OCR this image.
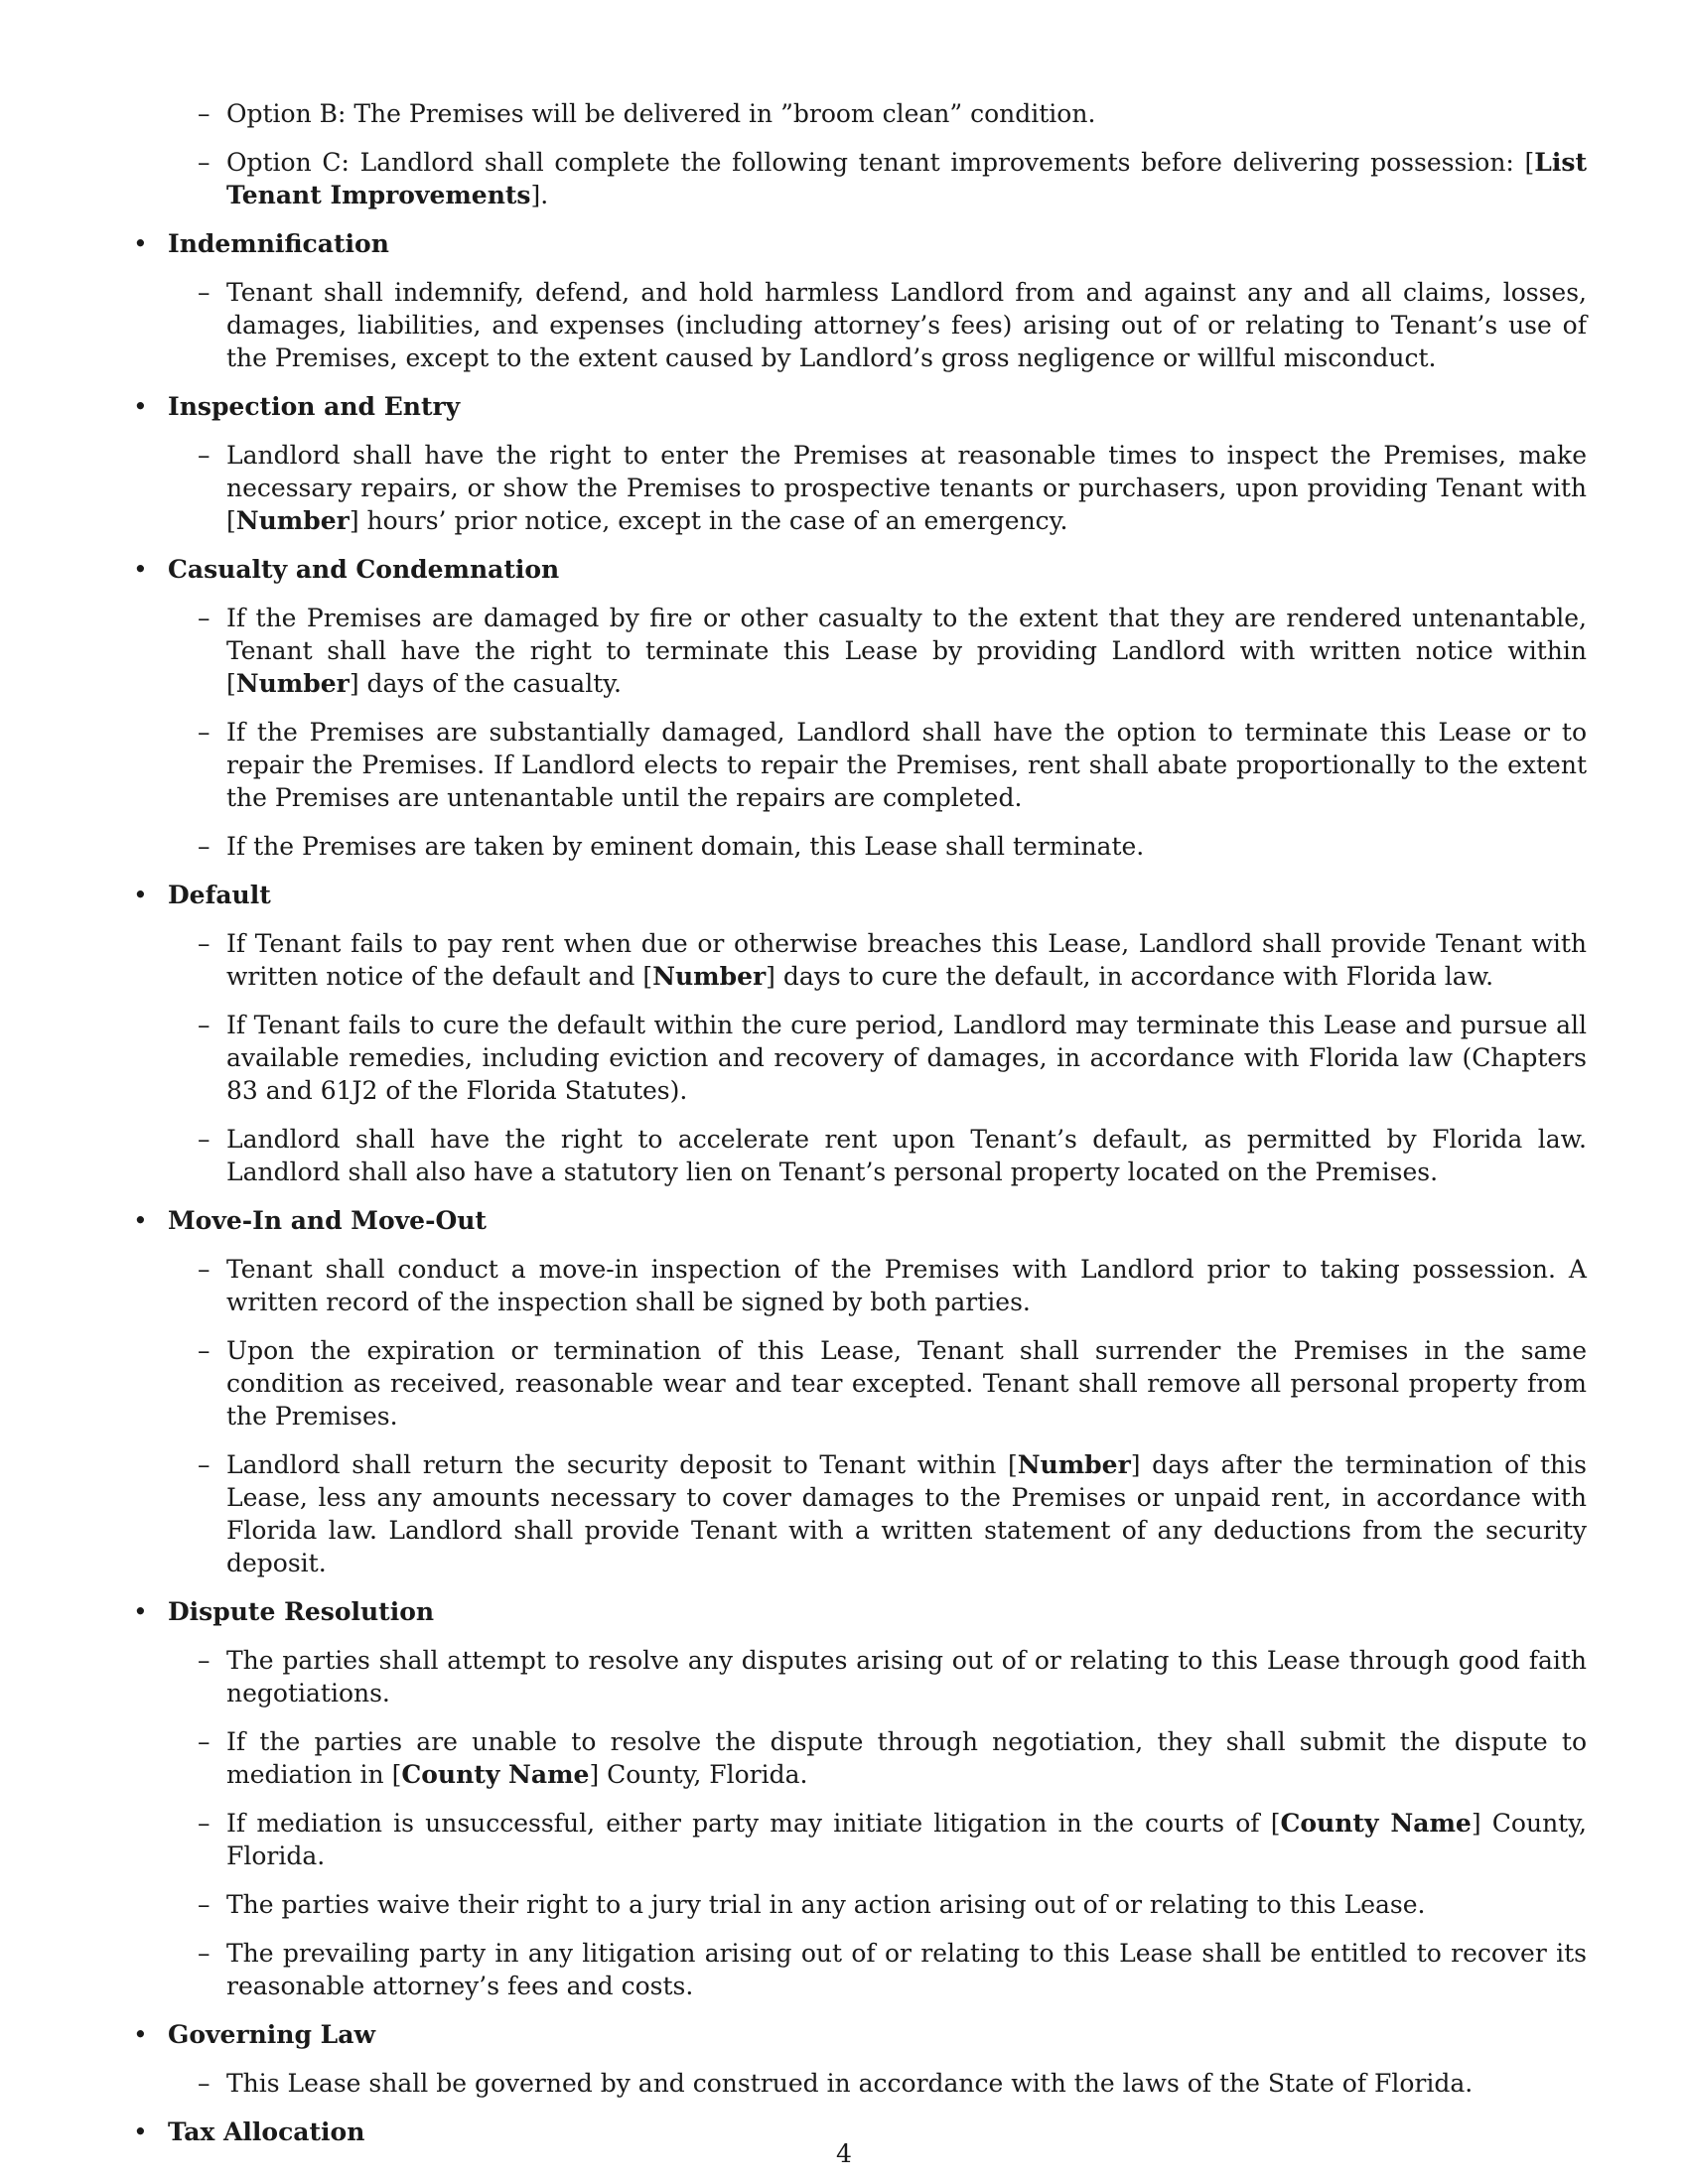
– Option B: The Premises will be delivered in ”broom clean” condition.
– Option C: Landlord shall complete the following tenant improvements before delivering possession: [List Tenant Improvements].
• Indemnification
– Tenant shall indemnify, defend, and hold harmless Landlord from and against any and all claims, losses, damages, liabilities, and expenses (including attorney’s fees) arising out of or relating to Tenant’s use of the Premises, except to the extent caused by Landlord’s gross negligence or willful misconduct.
• Inspection and Entry
– Landlord shall have the right to enter the Premises at reasonable times to inspect the Premises, make necessary repairs, or show the Premises to prospective tenants or purchasers, upon providing Tenant with [Number] hours’ prior notice, except in the case of an emergency.
• Casualty and Condemnation
– If the Premises are damaged by fire or other casualty to the extent that they are rendered untenantable, Tenant shall have the right to terminate this Lease by providing Landlord with written notice within [Number] days of the casualty.
– If the Premises are substantially damaged, Landlord shall have the option to terminate this Lease or to repair the Premises. If Landlord elects to repair the Premises, rent shall abate proportionally to the extent the Premises are untenantable until the repairs are completed.
– If the Premises are taken by eminent domain, this Lease shall terminate.
• Default
– If Tenant fails to pay rent when due or otherwise breaches this Lease, Landlord shall provide Tenant with written notice of the default and [Number] days to cure the default, in accordance with Florida law.
– If Tenant fails to cure the default within the cure period, Landlord may terminate this Lease and pursue all available remedies, including eviction and recovery of damages, in accordance with Florida law (Chapters 83 and 61J2 of the Florida Statutes).
– Landlord shall have the right to accelerate rent upon Tenant’s default, as permitted by Florida law. Landlord shall also have a statutory lien on Tenant’s personal property located on the Premises.
• Move-In and Move-Out
– Tenant shall conduct a move-in inspection of the Premises with Landlord prior to taking possession. A written record of the inspection shall be signed by both parties.
– Upon the expiration or termination of this Lease, Tenant shall surrender the Premises in the same condition as received, reasonable wear and tear excepted. Tenant shall remove all personal property from the Premises.
– Landlord shall return the security deposit to Tenant within [Number] days after the termination of this Lease, less any amounts necessary to cover damages to the Premises or unpaid rent, in accordance with Florida law. Landlord shall provide Tenant with a written statement of any deductions from the security deposit.
• Dispute Resolution
– The parties shall attempt to resolve any disputes arising out of or relating to this Lease through good faith negotiations.
– If the parties are unable to resolve the dispute through negotiation, they shall submit the dispute to mediation in [County Name] County, Florida.
– If mediation is unsuccessful, either party may initiate litigation in the courts of [County Name] County, Florida.
– The parties waive their right to a jury trial in any action arising out of or relating to this Lease.
– The prevailing party in any litigation arising out of or relating to this Lease shall be entitled to recover its reasonable attorney’s fees and costs.
• Governing Law
– This Lease shall be governed by and construed in accordance with the laws of the State of Florida.
• Tax Allocation
4
